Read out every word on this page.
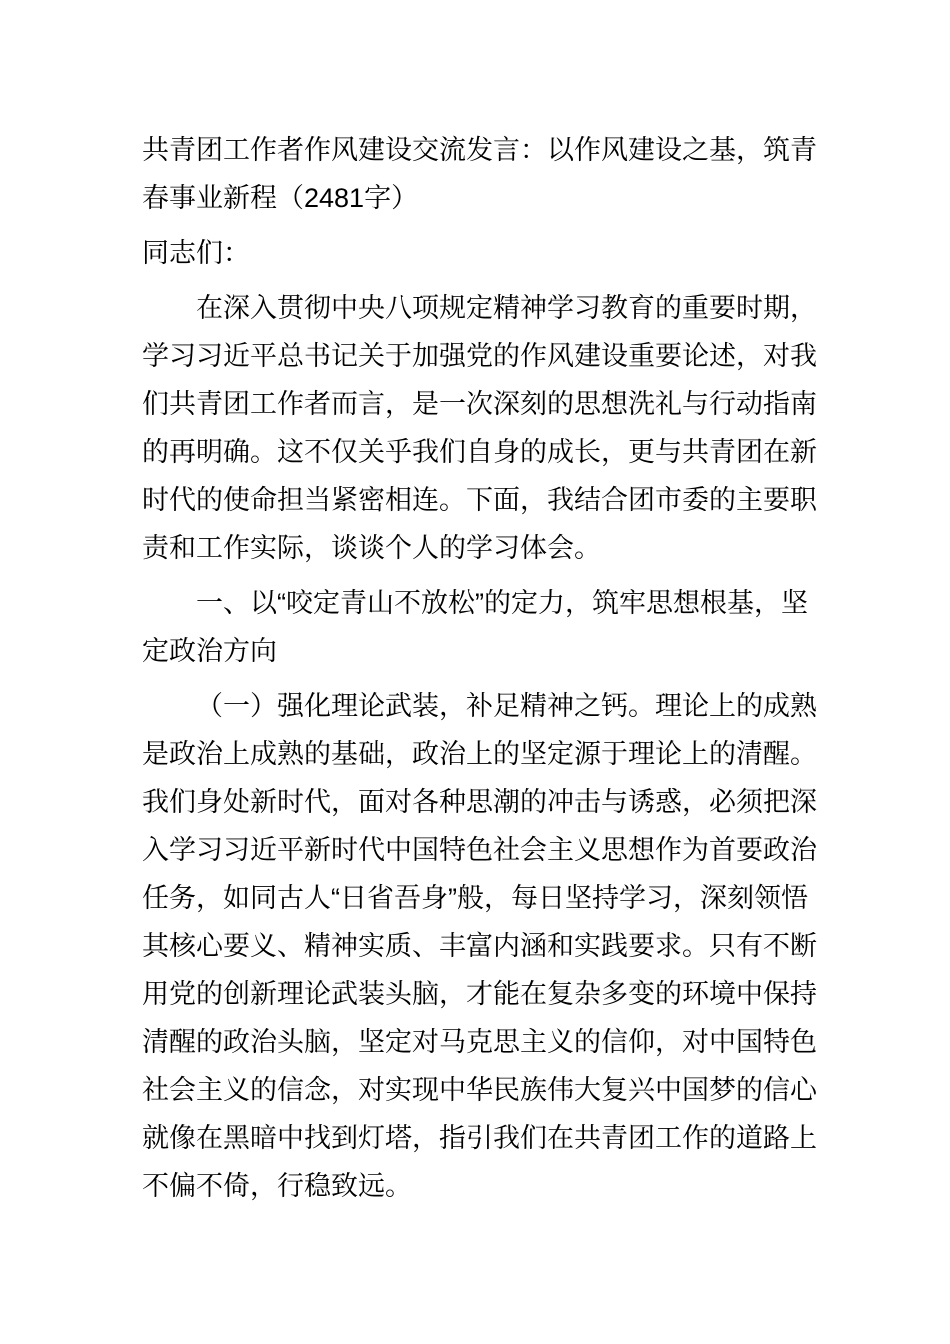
共青团工作者作风建设交流发言：以作风建设之基，筑青春事业新程（2481字）

同志们：

在深入贯彻中央八项规定精神学习教育的重要时期，学习习近平总书记关于加强党的作风建设重要论述，对我们共青团工作者而言，是一次深刻的思想洗礼与行动指南的再明确。这不仅关乎我们自身的成长，更与共青团在新时代的使命担当紧密相连。下面，我结合团市委的主要职责和工作实际，谈谈个人的学习体会。

一、以“咬定青山不放松”的定力，筑牢思想根基，坚定政治方向

（一）强化理论武装，补足精神之钙。理论上的成熟是政治上成熟的基础，政治上的坚定源于理论上的清醒。我们身处新时代，面对各种思潮的冲击与诱惑，必须把深入学习习近平新时代中国特色社会主义思想作为首要政治任务，如同古人“日省吾身”般，每日坚持学习，深刻领悟其核心要义、精神实质、丰富内涵和实践要求。只有不断用党的创新理论武装头脑，才能在复杂多变的环境中保持清醒的政治头脑，坚定对马克思主义的信仰，对中国特色社会主义的信念，对实现中华民族伟大复兴中国梦的信心就像在黑暗中找到灯塔，指引我们在共青团工作的道路上不偏不倚，行稳致远。
